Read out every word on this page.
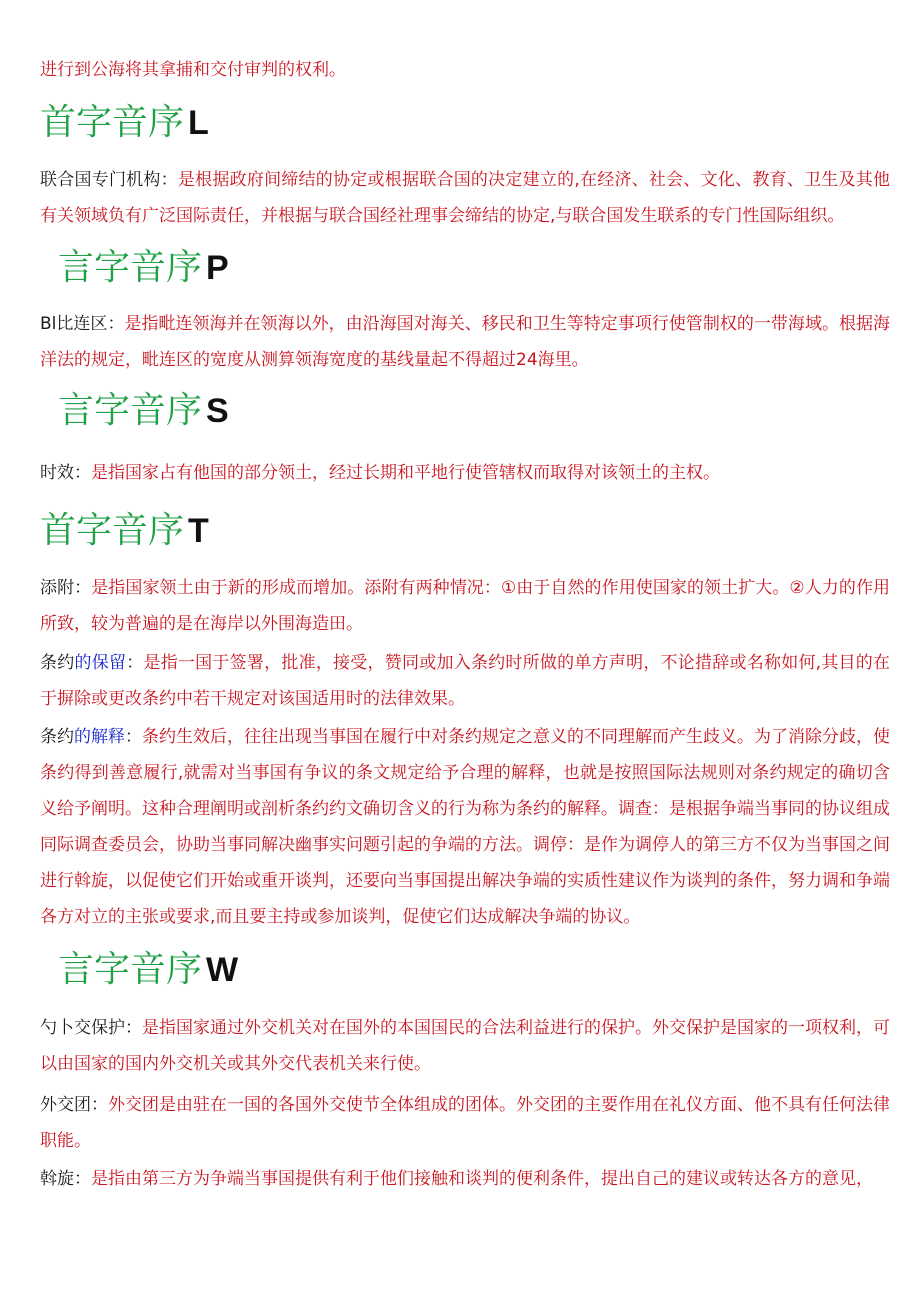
进行到公海将其拿捕和交付审判的权利。

首字音序 L

联合国专门机构：是根据政府间缔结的协定或根据联合国的决定建立的,在经济、社会、文化、教育、卫生及其他有关领域负有广泛国际责任，并根据与联合国经社理事会缔结的协定,与联合国发生联系的专门性国际组织。

言字音序 P

Bl比连区：是指毗连领海并在领海以外，由沿海国对海关、移民和卫生等特定事项行使管制权的一带海域。根据海洋法的规定，毗连区的宽度从测算领海宽度的基线量起不得超过24海里。

言字音序 S

时效：是指国家占有他国的部分领土，经过长期和平地行使管辖权而取得对该领土的主权。

首字音序 T

添附：是指国家领土由于新的形成而增加。添附有两种情况：①由于自然的作用使国家的领土扩大。②人力的作用所致，较为普遍的是在海岸以外围海造田。

条约的保留：是指一国于签署，批准，接受，赞同或加入条约时所做的单方声明，不论措辞或名称如何,其目的在于摒除或更改条约中若干规定对该国适用时的法律效果。

条约的解释：条约生效后，往往出现当事国在履行中对条约规定之意义的不同理解而产生歧义。为了消除分歧，使条约得到善意履行,就需对当事国有争议的条文规定给予合理的解释，也就是按照国际法规则对条约规定的确切含义给予阐明。这种合理阐明或剖析条约约文确切含义的行为称为条约的解释。调查：是根据争端当事同的协议组成同际调查委员会，协助当事同解决幽事实问题引起的争端的方法。调停：是作为调停人的第三方不仅为当事国之间进行斡旋，以促使它们开始或重开谈判，还要向当事国提出解决争端的实质性建议作为谈判的条件，努力调和争端各方对立的主张或要求,而且要主持或参加谈判，促使它们达成解决争端的协议。

言字音序 W

勺卜交保护：是指国家通过外交机关对在国外的本国国民的合法利益进行的保护。外交保护是国家的一项权利，可以由国家的国内外交机关或其外交代表机关来行使。

外交团：外交团是由驻在一国的各国外交使节全体组成的团体。外交团的主要作用在礼仪方面、他不具有任何法律职能。

斡旋：是指由第三方为争端当事国提供有利于他们接触和谈判的便利条件，提出自己的建议或转达各方的意见，
